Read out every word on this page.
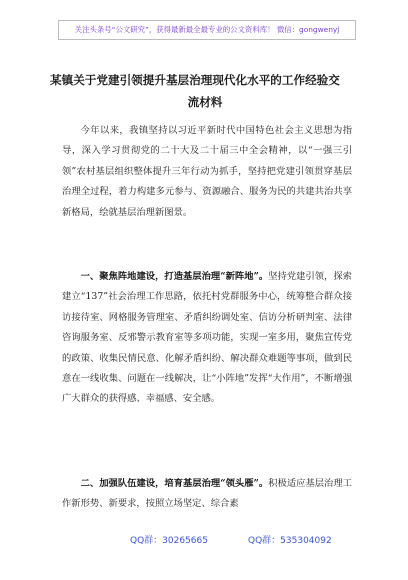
关注头条号“公文研究”，获得最新最全最专业的公文资料库！ 微信：gongwenyj
某镇关于党建引领提升基层治理现代化水平的工作经验交
流材料

今年以来，我镇坚持以习近平新时代中国特色社会主义思想为指导，深入学习贯彻党的二十大及二十届三中全会精神，以“一强三引领”农村基层组织整体提升三年行动为抓手，坚持把党建引领贯穿基层治理全过程，着力构建多元参与、资源融合、服务为民的共建共治共享新格局，绘就基层治理新图景。

一、聚焦阵地建设，打造基层治理“新阵地”。坚持党建引领，探索建立“137”社会治理工作思路，依托村党群服务中心，统筹整合群众接访接待室、网格服务管理室、矛盾纠纷调处室、信访分析研判室、法律咨询服务室、反邪警示教育室等多项功能，实现一室多用，聚焦宣传党的政策、收集民情民意、化解矛盾纠纷、解决群众难题等事项，做到民意在一线收集、问题在一线解决，让“小阵地”发挥“大作用”，不断增强广大群众的获得感、幸福感、安全感。

二、加强队伍建设，培育基层治理“领头雁”。积极适应基层治理工作新形势、新要求，按照立场坚定、综合素

QQ群：30265665	QQ群：535304092
